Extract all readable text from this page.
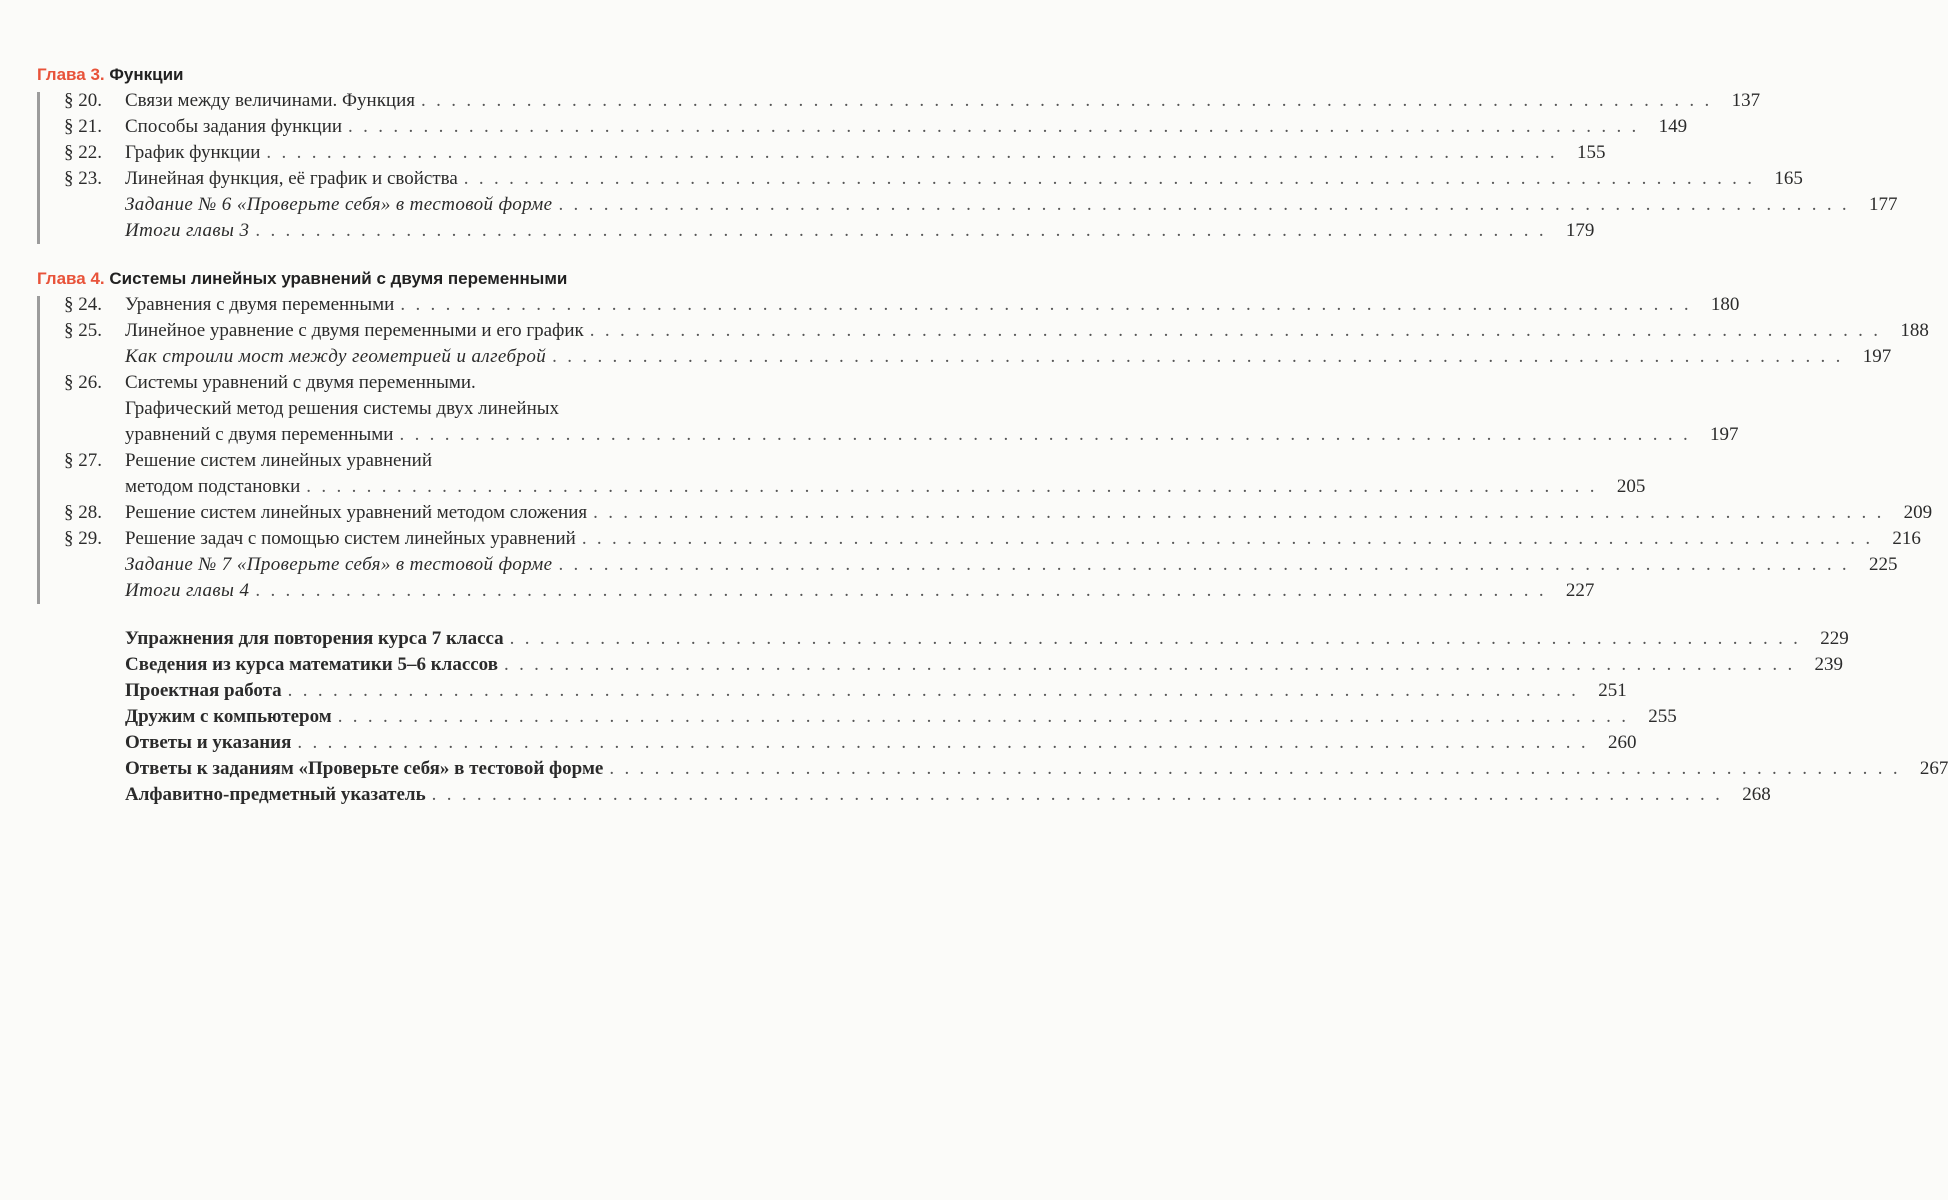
Глава 3. Функции
§ 20.	Связи между величинами. Функция . . .	137
§ 21.	Способы задания функции . . .	149
§ 22.	График функции . . .	155
§ 23.	Линейная функция, её график и свойства . . .	165
Задание № 6 «Проверьте себя» в тестовой форме . . .	177
Итоги главы 3 . . .	179
Глава 4. Системы линейных уравнений с двумя переменными
§ 24.	Уравнения с двумя переменными . . .	180
§ 25.	Линейное уравнение с двумя переменными и его график . . .	188
Как строили мост между геометрией и алгеброй . . .	197
§ 26.	Системы уравнений с двумя переменными.
Графический метод решения системы двух линейных
уравнений с двумя переменными . . .	197
§ 27.	Решение систем линейных уравнений
методом подстановки . . .	205
§ 28.	Решение систем линейных уравнений методом сложения . . .	209
§ 29.	Решение задач с помощью систем линейных уравнений . . .	216
Задание № 7 «Проверьте себя» в тестовой форме . . .	225
Итоги главы 4 . . .	227
Упражнения для повторения курса 7 класса . . .	229
Сведения из курса математики 5–6 классов . . .	239
Проектная работа . . .	251
Дружим с компьютером . . .	255
Ответы и указания . . .	260
Ответы к заданиям «Проверьте себя» в тестовой форме . . .	267
Алфавитно-предметный указатель . . .	268
